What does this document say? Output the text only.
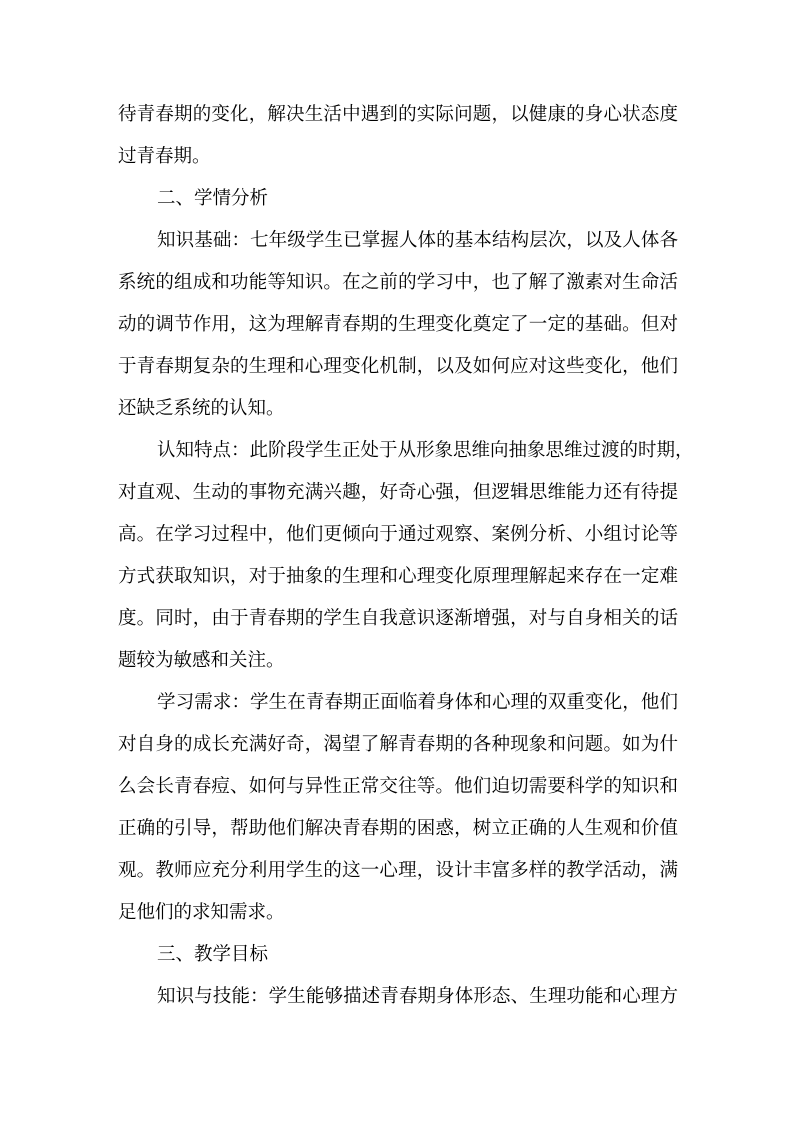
待青春期的变化，解决生活中遇到的实际问题，以健康的身心状态度
过青春期。
二、学情分析
知识基础：七年级学生已掌握人体的基本结构层次，以及人体各
系统的组成和功能等知识。在之前的学习中，也了解了激素对生命活
动的调节作用，这为理解青春期的生理变化奠定了一定的基础。但对
于青春期复杂的生理和心理变化机制，以及如何应对这些变化，他们
还缺乏系统的认知。
认知特点：此阶段学生正处于从形象思维向抽象思维过渡的时期，
对直观、生动的事物充满兴趣，好奇心强，但逻辑思维能力还有待提
高。在学习过程中，他们更倾向于通过观察、案例分析、小组讨论等
方式获取知识，对于抽象的生理和心理变化原理理解起来存在一定难
度。同时，由于青春期的学生自我意识逐渐增强，对与自身相关的话
题较为敏感和关注。
学习需求：学生在青春期正面临着身体和心理的双重变化，他们
对自身的成长充满好奇，渴望了解青春期的各种现象和问题。如为什
么会长青春痘、如何与异性正常交往等。他们迫切需要科学的知识和
正确的引导，帮助他们解决青春期的困惑，树立正确的人生观和价值
观。教师应充分利用学生的这一心理，设计丰富多样的教学活动，满
足他们的求知需求。
三、教学目标
知识与技能：学生能够描述青春期身体形态、生理功能和心理方
